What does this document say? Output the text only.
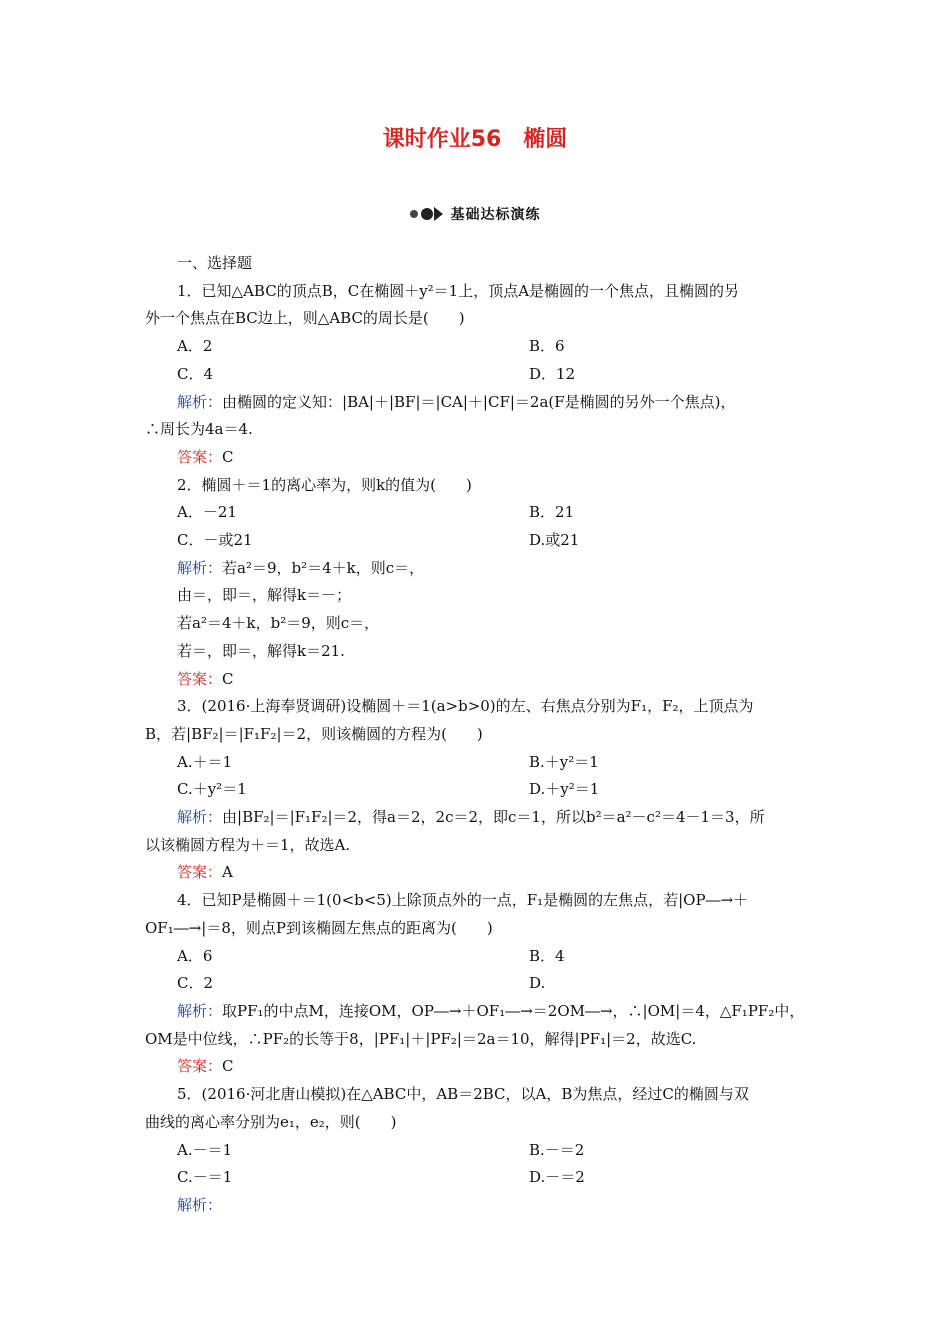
课时作业56　椭圆
基础达标演练
一、选择题
1．已知△ABC的顶点B，C在椭圆＋y²＝1上，顶点A是椭圆的一个焦点，且椭圆的另
外一个焦点在BC边上，则△ABC的周长是(　　)
A．2	B．6
C．4	D．12
解析：由椭圆的定义知：|BA|＋|BF|＝|CA|＋|CF|＝2a(F是椭圆的另外一个焦点)，
∴周长为4a＝4.
答案：C
2．椭圆＋＝1的离心率为，则k的值为(　　)
A．－21	B．21
C．－或21	D.或21
解析：若a²＝9，b²＝4＋k，则c＝，
由＝，即＝，解得k＝－；
若a²＝4＋k，b²＝9，则c＝，
若＝，即＝，解得k＝21.
答案：C
3．(2016·上海奉贤调研)设椭圆＋＝1(a>b>0)的左、右焦点分别为F₁，F₂，上顶点为
B，若|BF₂|＝|F₁F₂|＝2，则该椭圆的方程为(　　)
A.＋＝1	B.＋y²＝1
C.＋y²＝1	D.＋y²＝1
解析：由|BF₂|＝|F₁F₂|＝2，得a＝2，2c＝2，即c＝1，所以b²＝a²－c²＝4－1＝3，所
以该椭圆方程为＋＝1，故选A.
答案：A
4．已知P是椭圆＋＝1(0<b<5)上除顶点外的一点，F₁是椭圆的左焦点，若|OP―→＋
OF₁―→|＝8，则点P到该椭圆左焦点的距离为(　　)
A．6	B．4
C．2	D.
解析：取PF₁的中点M，连接OM，OP―→＋OF₁―→＝2OM―→，∴|OM|＝4，△F₁PF₂中，
OM是中位线，∴PF₂的长等于8，|PF₁|＋|PF₂|＝2a＝10，解得|PF₁|＝2，故选C.
答案：C
5．(2016·河北唐山模拟)在△ABC中，AB＝2BC，以A，B为焦点，经过C的椭圆与双
曲线的离心率分别为e₁，e₂，则(　　)
A.－＝1	B.－＝2
C.－＝1	D.－＝2
解析：
